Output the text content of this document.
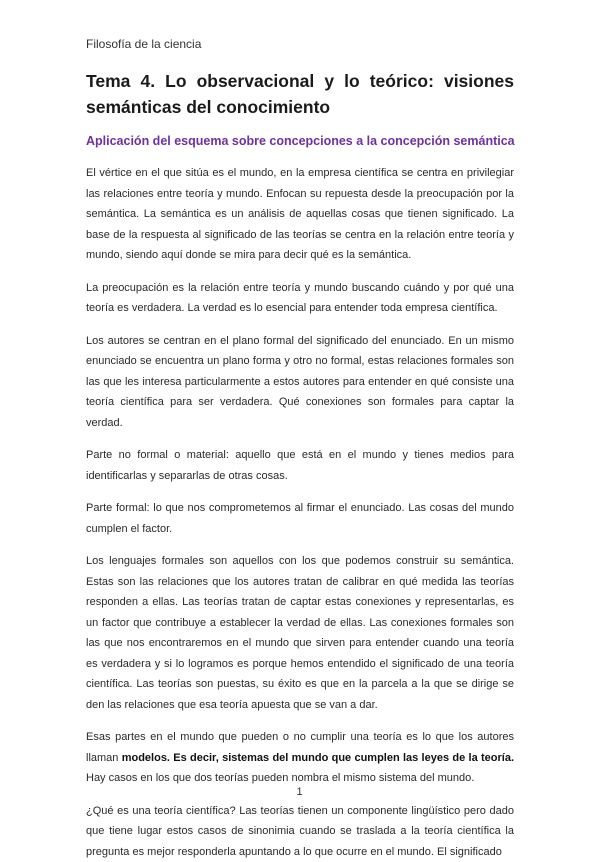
Filosofía de la ciencia
Tema 4. Lo observacional y lo teórico: visiones semánticas del conocimiento
Aplicación del esquema sobre concepciones a la concepción semántica

El vértice en el que sitúa es el mundo, en la empresa científica se centra en privilegiar las relaciones entre teoría y mundo. Enfocan su repuesta desde la preocupación por la semántica. La semántica es un análisis de aquellas cosas que tienen significado. La base de la respuesta al significado de las teorías se centra en la relación entre teoría y mundo, siendo aquí donde se mira para decir qué es la semántica.

La preocupación es la relación entre teoría y mundo buscando cuándo y por qué una teoría es verdadera. La verdad es lo esencial para entender toda empresa científica.

Los autores se centran en el plano formal del significado del enunciado. En un mismo enunciado se encuentra un plano forma y otro no formal, estas relaciones formales son las que les interesa particularmente a estos autores para entender en qué consiste una teoría científica para ser verdadera. Qué conexiones son formales para captar la verdad.

Parte no formal o material: aquello que está en el mundo y tienes medios para identificarlas y separarlas de otras cosas.

Parte formal: lo que nos comprometemos al firmar el enunciado. Las cosas del mundo cumplen el factor.

Los lenguajes formales son aquellos con los que podemos construir su semántica. Estas son las relaciones que los autores tratan de calibrar en qué medida las teorías responden a ellas. Las teorías tratan de captar estas conexiones y representarlas, es un factor que contribuye a establecer la verdad de ellas. Las conexiones formales son las que nos encontraremos en el mundo que sirven para entender cuando una teoría es verdadera y si lo logramos es porque hemos entendido el significado de una teoría científica. Las teorías son puestas, su éxito es que en la parcela a la que se dirige se den las relaciones que esa teoría apuesta que se van a dar.

Esas partes en el mundo que pueden o no cumplir una teoría es lo que los autores llaman modelos. Es decir, sistemas del mundo que cumplen las leyes de la teoría. Hay casos en los que dos teorías pueden nombra el mismo sistema del mundo.

¿Qué es una teoría científica? Las teorías tienen un componente lingüístico pero dado que tiene lugar estos casos de sinonimia cuando se traslada a la teoría científica la pregunta es mejor responderla apuntando a lo que ocurre en el mundo. El significado

1
